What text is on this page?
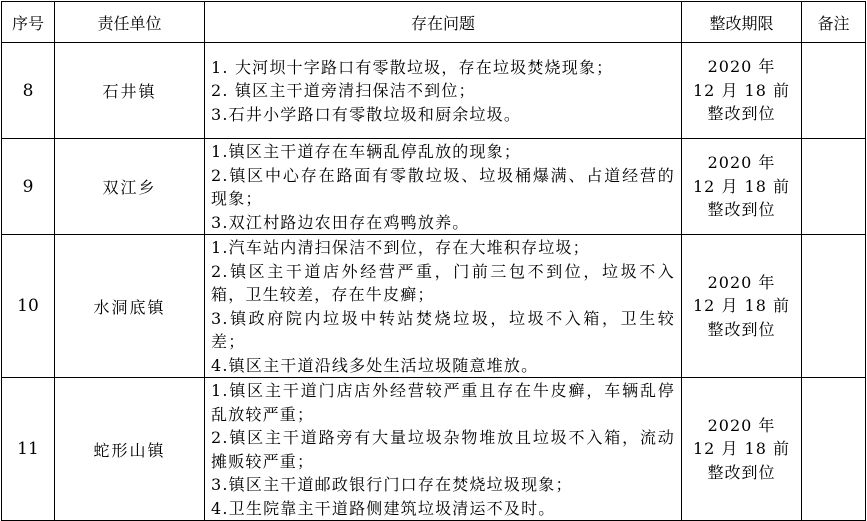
序号	责任单位	存在问题	整改期限	备注
8	石井镇	1. 大河坝十字路口有零散垃圾，存在垃圾焚烧现象；
2. 镇区主干道旁清扫保洁不到位；
3.石井小学路口有零散垃圾和厨余垃圾。	2020 年
12 月 18 前
整改到位	

9	双江乡	1.镇区主干道存在车辆乱停乱放的现象；
2.镇区中心存在路面有零散垃圾、垃圾桶爆满、占道经营的现象；
3.双江村路边农田存在鸡鸭放养。	2020 年
12 月 18 前
整改到位	

10	水洞底镇	1.汽车站内清扫保洁不到位，存在大堆积存垃圾；
2.镇区主干道店外经营严重，门前三包不到位，垃圾不入箱，卫生较差，存在牛皮癣；
3.镇政府院内垃圾中转站焚烧垃圾，垃圾不入箱，卫生较差；
4.镇区主干道沿线多处生活垃圾随意堆放。	2020 年
12 月 18 前
整改到位	

11	蛇形山镇	1.镇区主干道门店店外经营较严重且存在牛皮癣，车辆乱停乱放较严重；
2.镇区主干道路旁有大量垃圾杂物堆放且垃圾不入箱，流动摊贩较严重；
3.镇区主干道邮政银行门口存在焚烧垃圾现象；
4.卫生院靠主干道路侧建筑垃圾清运不及时。	2020 年
12 月 18 前
整改到位	
